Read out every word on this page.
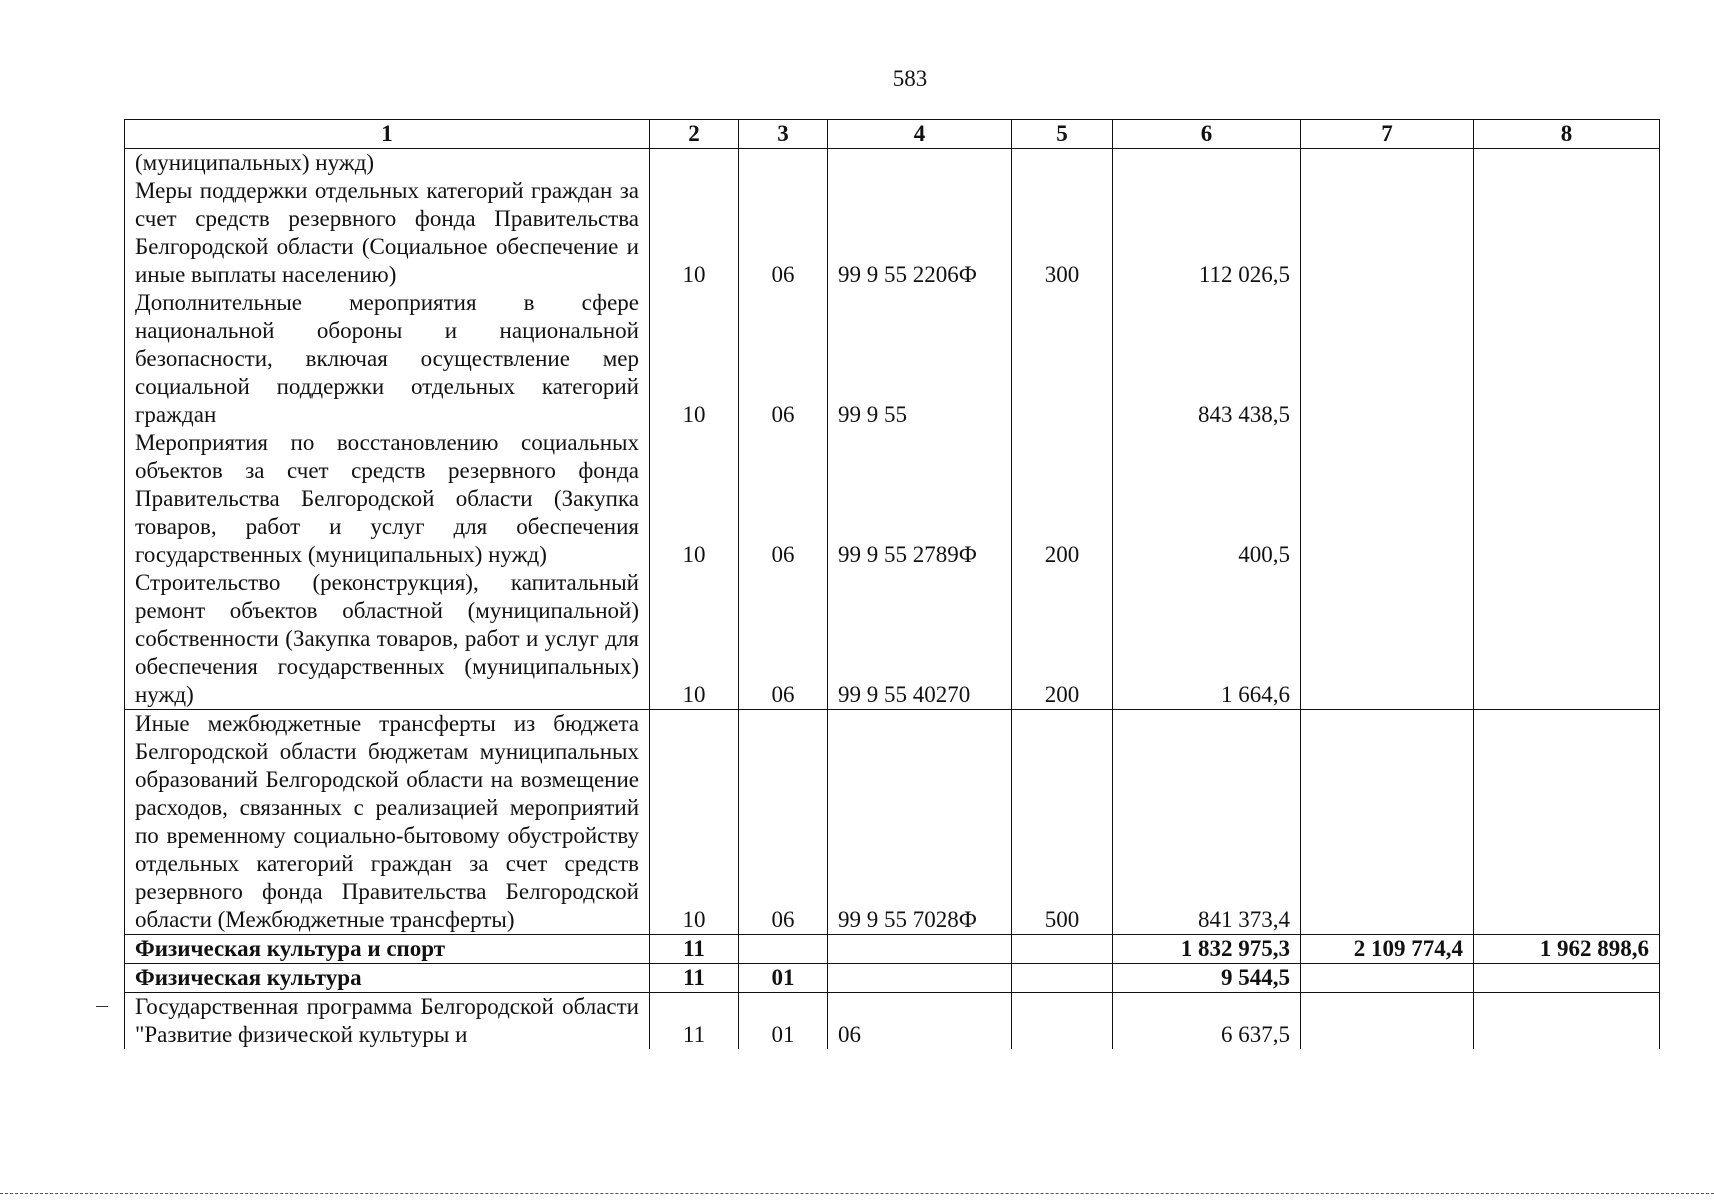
583
1	2	3	4	5	6	7	8
(муниципальных) нужд)							
Меры поддержки отдельных категорий граждан за счет средств резервного фонда Правительства Белгородской области (Социальное обеспечение и иные выплаты населению)	10	06	99 9 55 2206Ф	300	112 026,5		
Дополнительные мероприятия в сфере национальной обороны и национальной безопасности, включая осуществление мер социальной поддержки отдельных категорий граждан	10	06	99 9 55		843 438,5		
Мероприятия по восстановлению социальных объектов за счет средств резервного фонда Правительства Белгородской области (Закупка товаров, работ и услуг для обеспечения государственных (муниципальных) нужд)	10	06	99 9 55 2789Ф	200	400,5		
Строительство (реконструкция), капитальный ремонт объектов областной (муниципальной) собственности (Закупка товаров, работ и услуг для обеспечения государственных (муниципальных) нужд)	10	06	99 9 55 40270	200	1 664,6		
Иные межбюджетные трансферты из бюджета Белгородской области бюджетам муниципальных образований Белгородской области на возмещение расходов, связанных с реализацией мероприятий по временному социально-бытовому обустройству отдельных категорий граждан за счет средств резервного фонда Правительства Белгородской области (Межбюджетные трансферты)	10	06	99 9 55 7028Ф	500	841 373,4		
Физическая культура и спорт	11				1 832 975,3	2 109 774,4	1 962 898,6
Физическая культура	11	01			9 544,5		
Государственная программа Белгородской области "Развитие физической культуры и	11	01	06		6 637,5		
